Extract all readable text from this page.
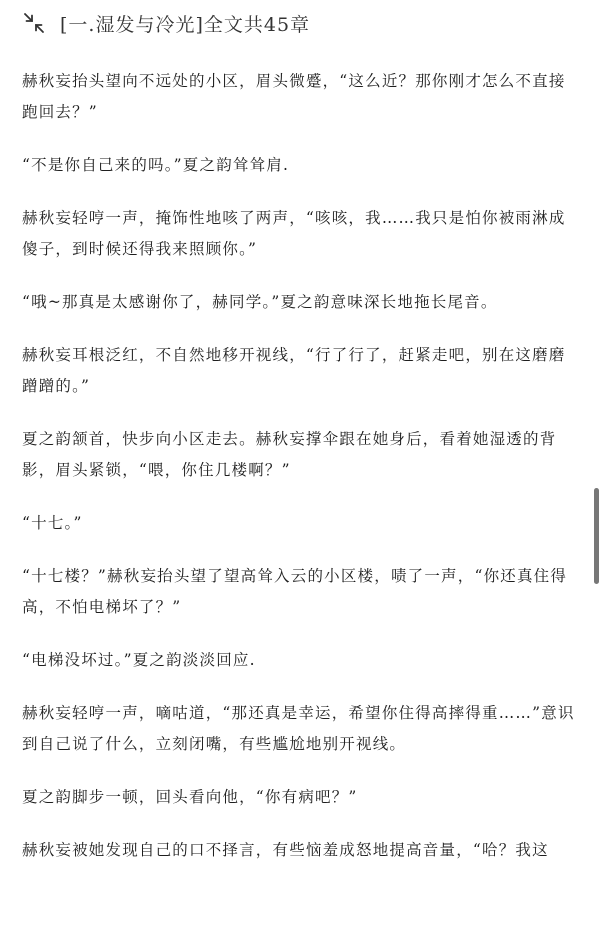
[一.湿发与冷光]全文共45章

赫秋妄抬头望向不远处的小区，眉头微蹙，“这么近？那你刚才怎么不直接跑回去？”

“不是你自己来的吗。”夏之韵耸耸肩.

赫秋妄轻哼一声，掩饰性地咳了两声，“咳咳，我……我只是怕你被雨淋成傻子，到时候还得我来照顾你。”

“哦~那真是太感谢你了，赫同学。”夏之韵意味深长地拖长尾音。

赫秋妄耳根泛红，不自然地移开视线，“行了行了，赶紧走吧，别在这磨磨蹭蹭的。”

夏之韵颔首，快步向小区走去。赫秋妄撑伞跟在她身后，看着她湿透的背影，眉头紧锁，“喂，你住几楼啊？”

“十七。”

“十七楼？”赫秋妄抬头望了望高耸入云的小区楼，啧了一声，“你还真住得高，不怕电梯坏了？”

“电梯没坏过。”夏之韵淡淡回应.

赫秋妄轻哼一声，嘀咕道，“那还真是幸运，希望你住得高摔得重……”意识到自己说了什么，立刻闭嘴，有些尴尬地别开视线。

夏之韵脚步一顿，回头看向他，“你有病吧？”

赫秋妄被她发现自己的口不择言，有些恼羞成怒地提高音量，“哈？我这
